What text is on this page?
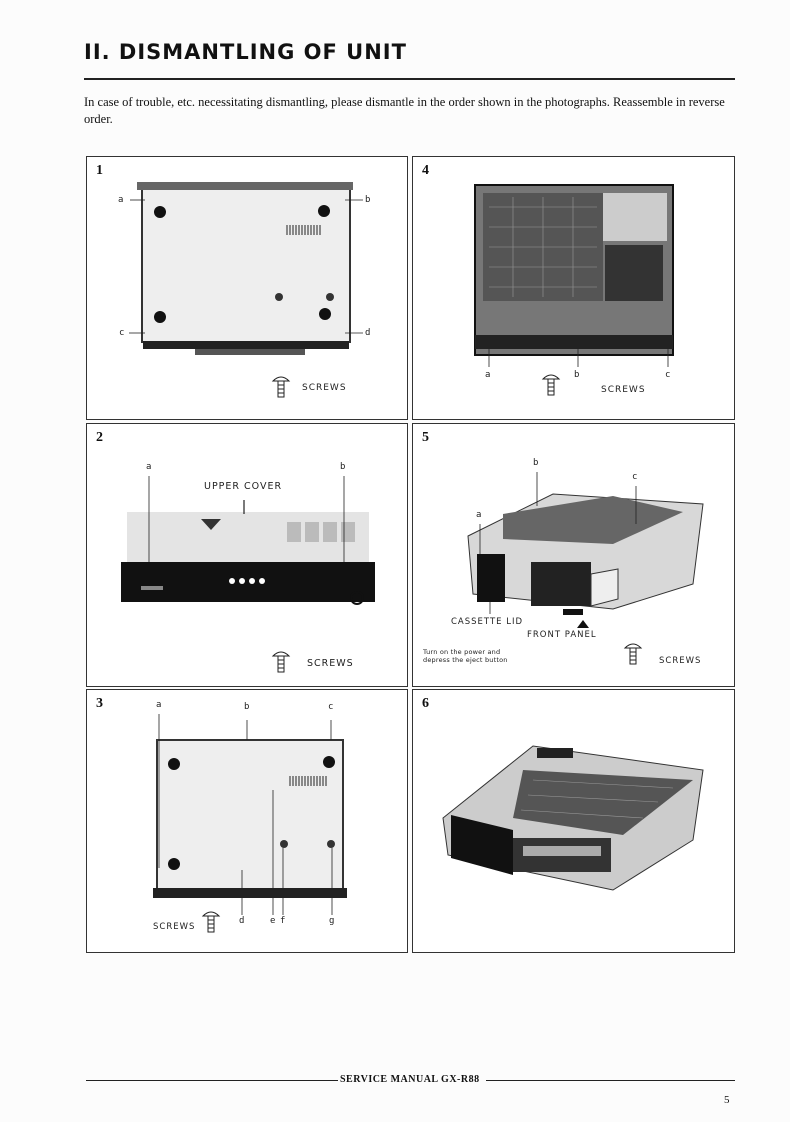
II. DISMANTLING OF UNIT
In case of trouble, etc. necessitating dismantling, please dismantle in the order shown in the photographs. Reassemble in reverse order.
1
a	b
c	d
SCREWS
4
a	b	c
SCREWS
2
a	b
UPPER COVER
SCREWS
5
a
b
c
CASSETTE LID
FRONT PANEL
Turn on the power and depress the eject button	SCREWS
3	a	b	c
d	e f	g
SCREWS
6
SERVICE MANUAL GX-R88
5
